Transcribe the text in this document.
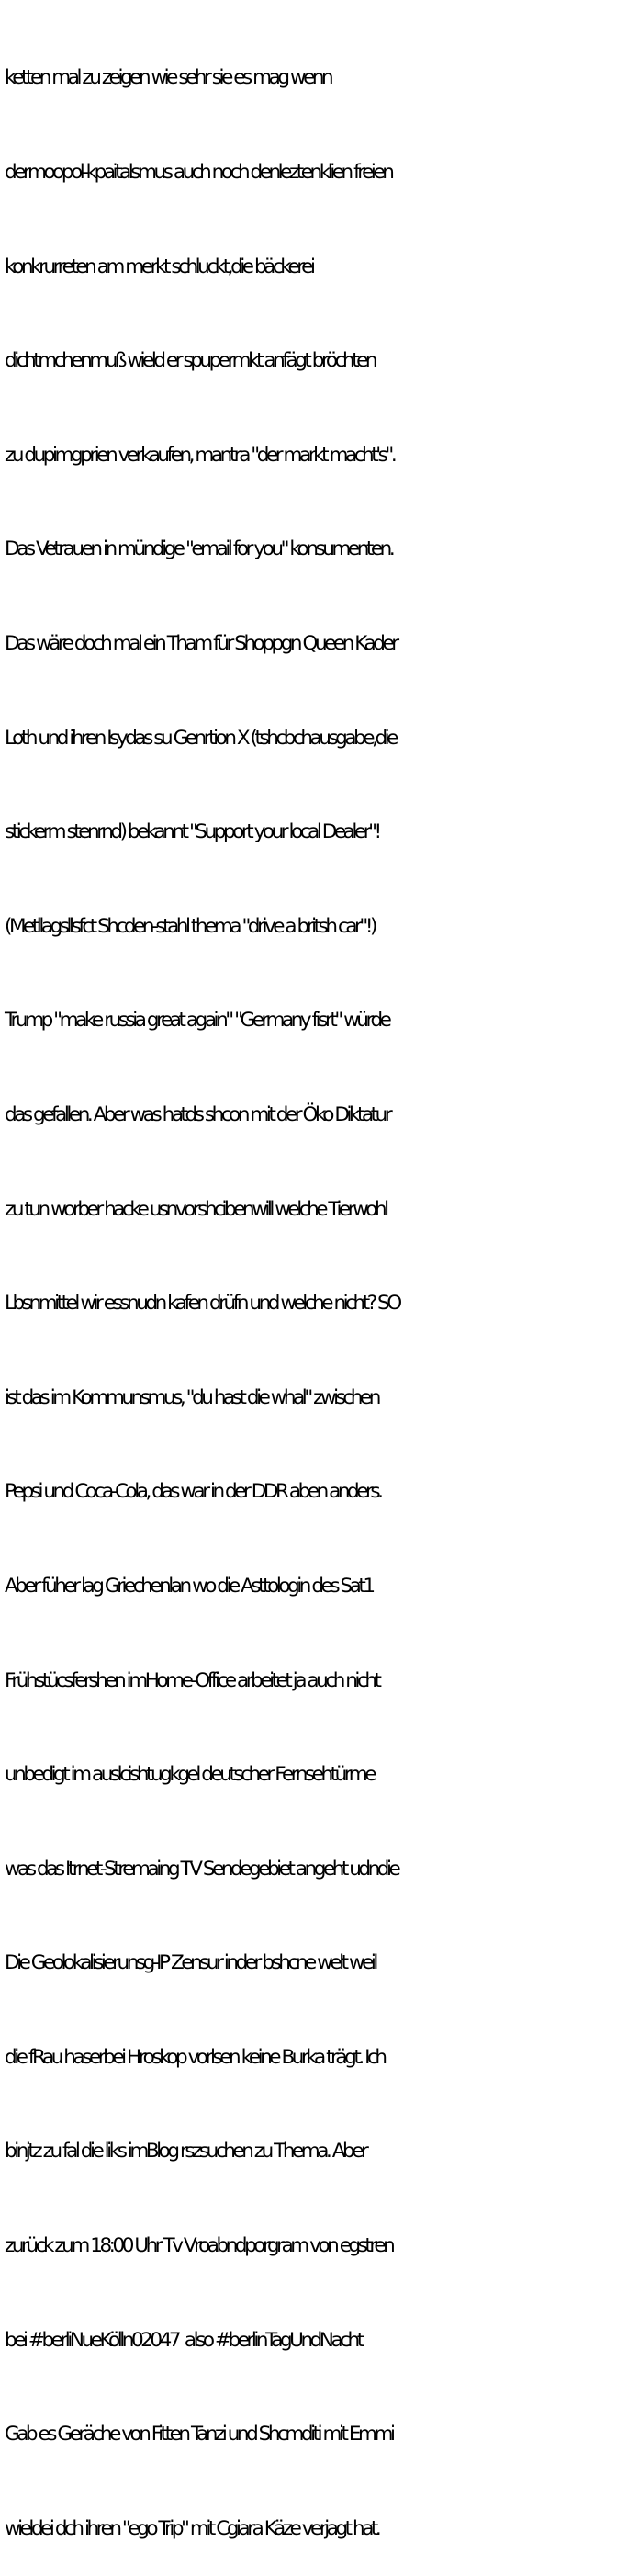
ketten mal zu zeigen wie sehr sie es mag wenn

dermoopol-kpaitalsmus auch noch denleztenklien freien

konkrurreten am merkt schluckt,die bäckerei

dichtmchenmuß wield er spupermkt anfägt bröchten

zu dupimgprien verkaufen, mantra "der markt macht's".

Das Vetrauen in mündige "email for you" konsumenten.

Das wäre doch mal ein Tham für Shoppgn Queen Kader

Loth und ihren Isydas su Genrtion X (tshcbchausgabe,die

stickerm stenrnd) bekannt "Support your local Dealer"!

(Metllagsllsfct Shcden-stahl thema "drive a britsh car"!)

Trump "make russia great again" "Germany fisrt" würde

das gefallen. Aber was hatds shcon mit der Öko Diktatur

zu tun worber hacke usnvorshcibenwill welche Tierwohl

Lbsnmittel wir essnudn kafen drüfn und welche nicht? SO

ist das im Kommunsmus, "du hast die whal" zwischen

Pepsi und Coca-Cola, das war in der DDR aben anders.

Aber füher lag Griechenlan wo die Asttologin des Sat1

Frühstücsfershen imHome-Office arbeitet ja auch nicht

unbedigt im auslcishtugkgel deutscher Fernsehtürme

was das Itrnet-Stremaing TV Sendegebiet angeht udndie

Die Geolokalisierunsg-IP Zensur inder bshcne welt weil

die fRau haserbei Hroskop vorlsen keine Burka trägt. Ich

binjtz zu fal die liks imBlog rszsuchen zu Thema. Aber

zurück zum 18:00 Uhr Tv Vroabndporgram von egstren

bei #berliNueKölln02047  also #berlinTagUndNacht

Gab es Geräche von Fitten Tanzi und Shcmditi mit Emmi

wieldei dch ihren "ego Trip" mit Cgiara Käze verjagt hat.
